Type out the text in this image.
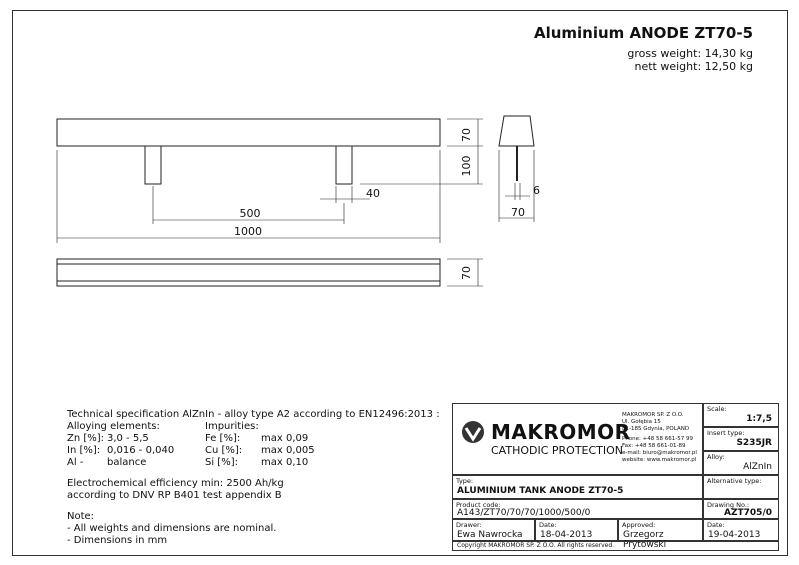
70
100
40
500
1000
6
70
70
Aluminium ANODE ZT70-5
gross weight: 14,30 kg
nett weight: 12,50 kg
Technical specification AlZnIn - alloy type A2 according to EN12496:2013 :
Alloying elements:	Impurities:
Zn [%]: 3,0 - 5,5	Fe [%]:	max 0,09
In [%]: 0,016 - 0,040	Cu [%]:	max 0,005
Al -	balance	Si [%]:	max 0,10
Electrochemical efficiency min: 2500 Ah/kg
according to DNV RP B401 test appendix B
Note:
- All weights and dimensions are nominal.
- Dimensions in mm
MAKROMOR
CATHODIC PROTECTION
MAKROMOR SP. Z O.O.
Ul. Gołębia 15
81-185 Gdynia, POLAND
Phone: +48 58 661-57 99
Fax: +48 58 661-01-89
e-mail: biuro@makromor.pl
website: www.makromor.pl
Scale:
1:7,5
Insert type:
S235JR
Alloy:
AlZnIn
Type:
ALUMINIUM TANK ANODE ZT70-5
Alternative type:
Product code:
A143/ZT70/70/70/1000/500/0
Drawing No.:
AZT705/0
Drawer:
Ewa Nawrocka
Date:
18-04-2013
Approved:
Grzegorz Prytowski
Date:
19-04-2013
Copyright MAKROMOR SP. Z O.O. All rights reserved.
